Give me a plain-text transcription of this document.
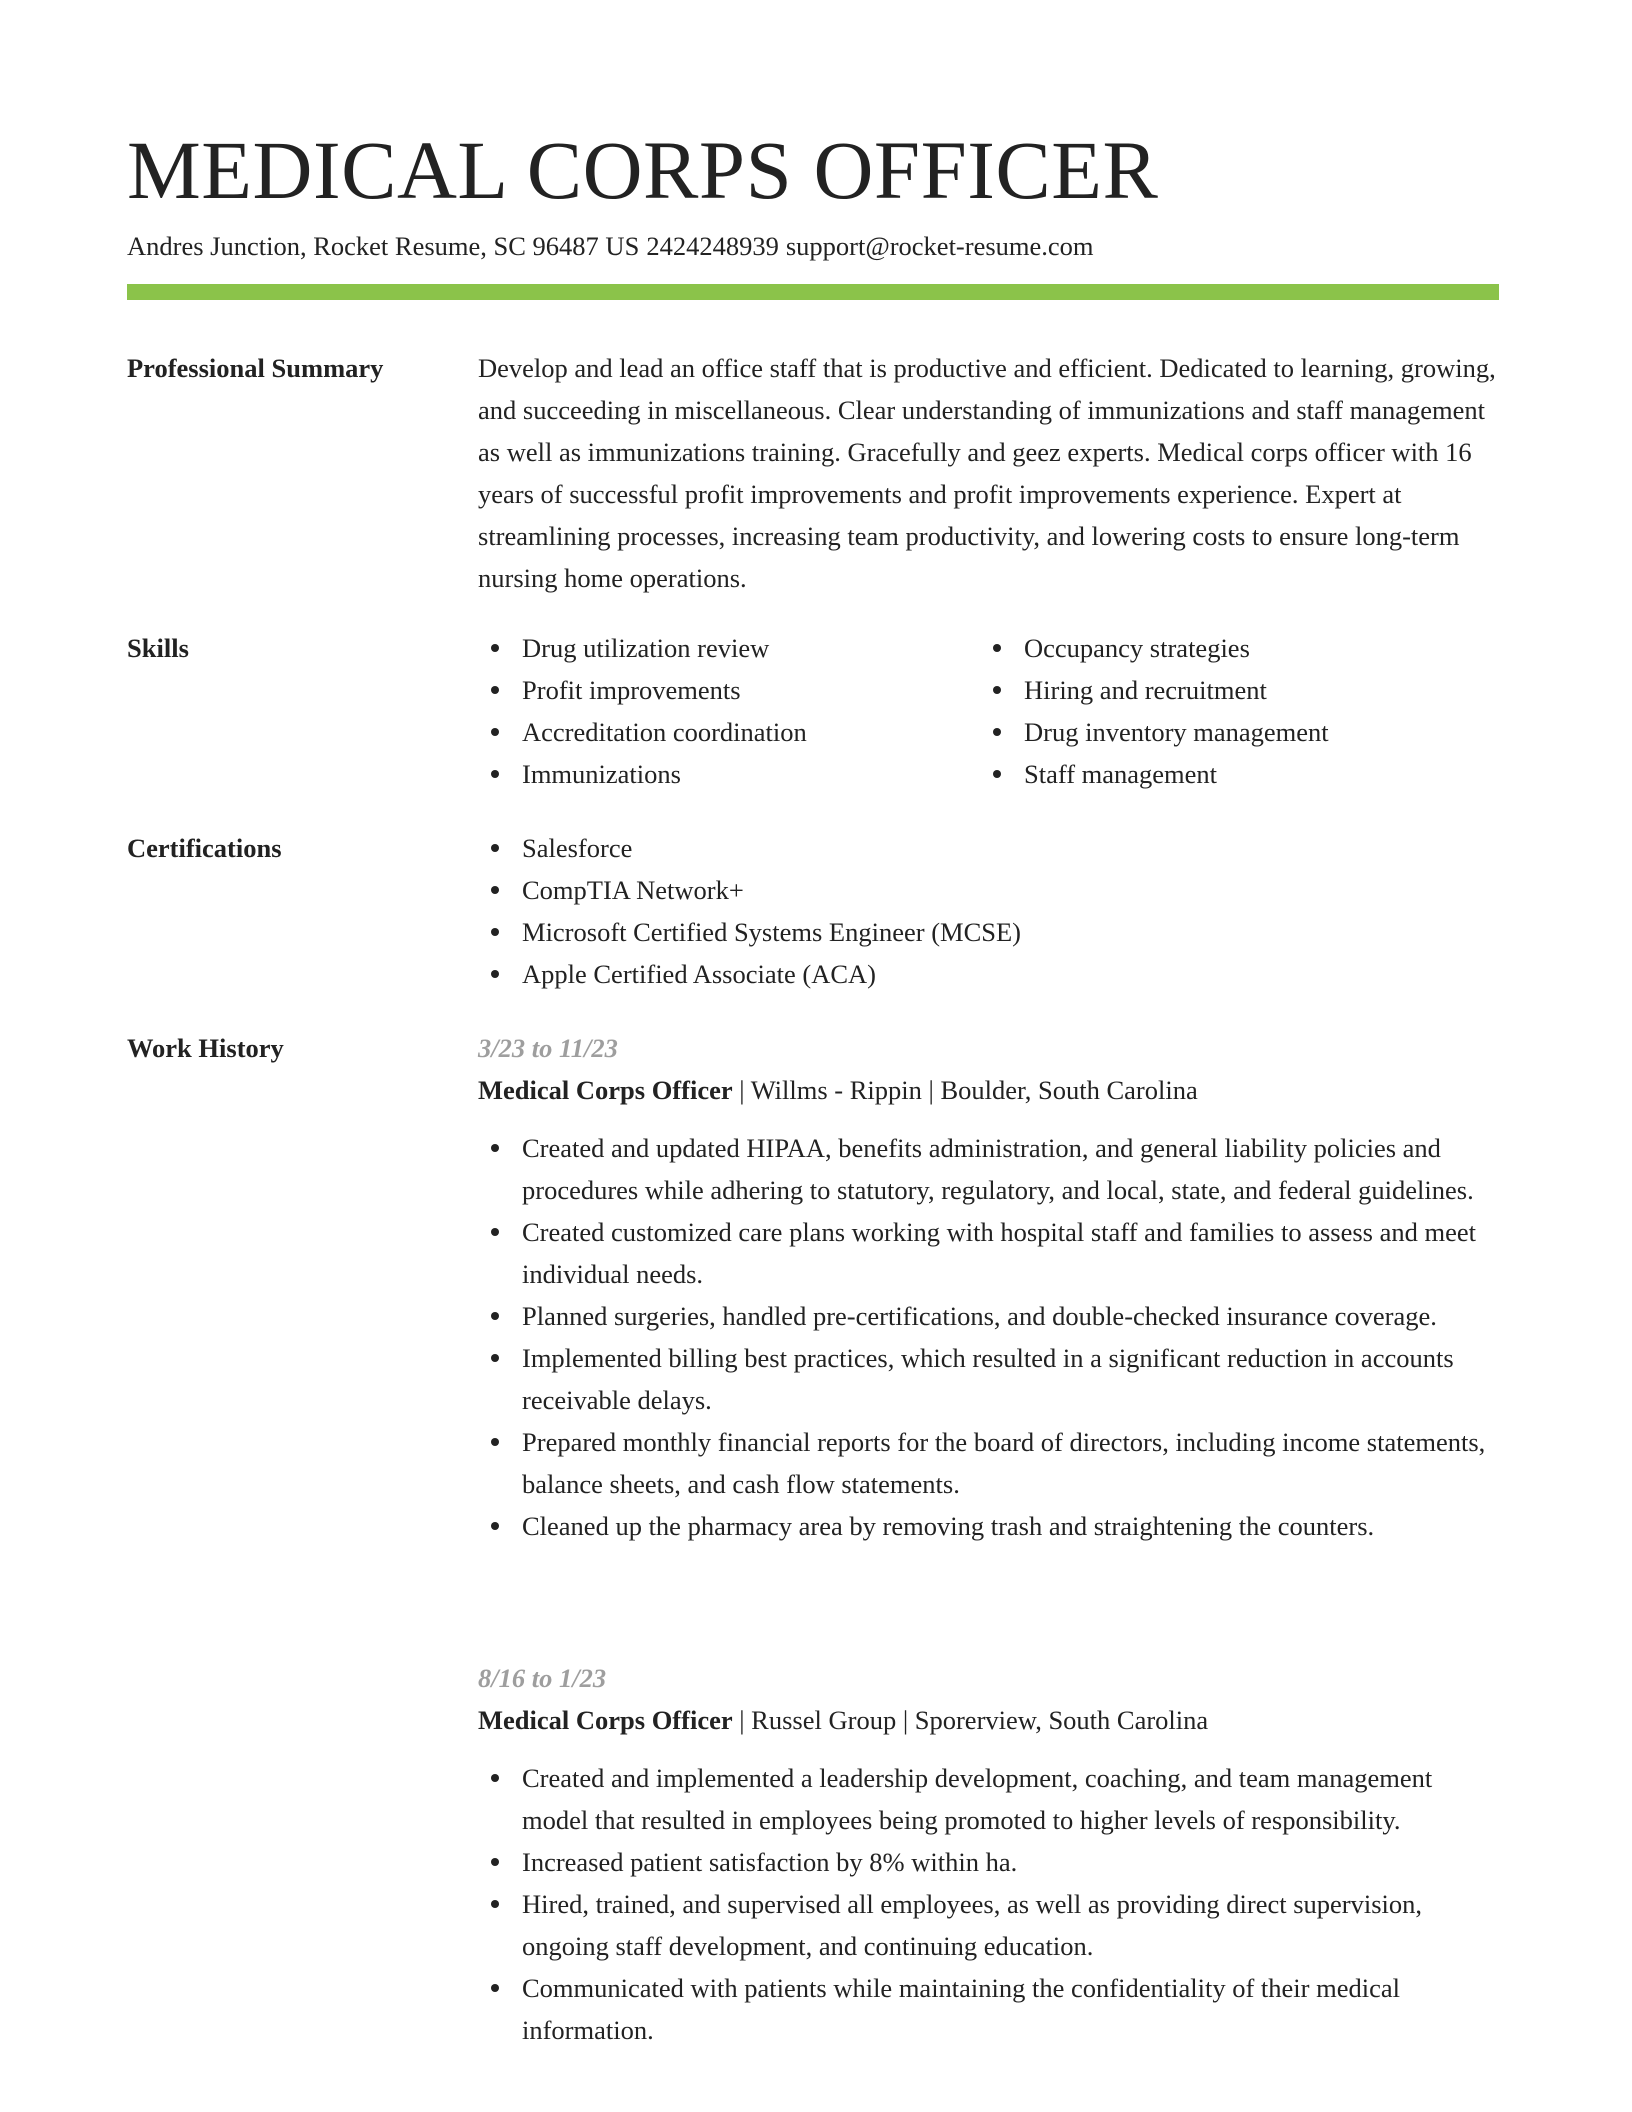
MEDICAL CORPS OFFICER
Andres Junction, Rocket Resume, SC 96487 US 2424248939 support@rocket-resume.com
Professional Summary	Develop and lead an office staff that is productive and efficient. Dedicated to learning, growing, and succeeding in miscellaneous. Clear understanding of immunizations and staff management as well as immunizations training. Gracefully and geez experts. Medical corps officer with 16 years of successful profit improvements and profit improvements experience. Expert at streamlining processes, increasing team productivity, and lowering costs to ensure long-term nursing home operations.

Skills	Drug utilization review
Profit improvements
Accreditation coordination
Immunizations
Occupancy strategies
Hiring and recruitment
Drug inventory management
Staff management
Certifications	Salesforce
CompTIA Network+
Microsoft Certified Systems Engineer (MCSE)
Apple Certified Associate (ACA)
Work History	3/23 to 11/23
Medical Corps Officer | Willms - Rippin | Boulder, South Carolina
Created and updated HIPAA, benefits administration, and general liability policies and procedures while adhering to statutory, regulatory, and local, state, and federal guidelines.
Created customized care plans working with hospital staff and families to assess and meet individual needs.
Planned surgeries, handled pre-certifications, and double-checked insurance coverage.
Implemented billing best practices, which resulted in a significant reduction in accounts receivable delays.
Prepared monthly financial reports for the board of directors, including income statements, balance sheets, and cash flow statements.
Cleaned up the pharmacy area by removing trash and straightening the counters.
8/16 to 1/23
Medical Corps Officer | Russel Group | Sporerview, South Carolina
Created and implemented a leadership development, coaching, and team management model that resulted in employees being promoted to higher levels of responsibility.
Increased patient satisfaction by 8% within ha.
Hired, trained, and supervised all employees, as well as providing direct supervision, ongoing staff development, and continuing education.
Communicated with patients while maintaining the confidentiality of their medical information.
